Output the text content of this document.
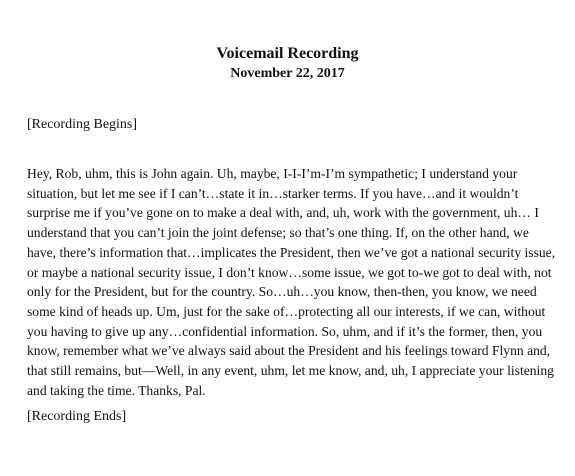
Voicemail Recording
November 22, 2017
[Recording Begins]
Hey, Rob, uhm, this is John again. Uh, maybe, I-I-I’m-I’m sympathetic; I understand your
situation, but let me see if I can’t…state it in…starker terms. If you have…and it wouldn’t
surprise me if you’ve gone on to make a deal with, and, uh, work with the government, uh… I
understand that you can’t join the joint defense; so that’s one thing. If, on the other hand, we
have, there’s information that…implicates the President, then we’ve got a national security issue,
or maybe a national security issue, I don’t know…some issue, we got to-we got to deal with, not
only for the President, but for the country. So…uh…you know, then-then, you know, we need
some kind of heads up. Um, just for the sake of…protecting all our interests, if we can, without
you having to give up any…confidential information. So, uhm, and if it’s the former, then, you
know, remember what we’ve always said about the President and his feelings toward Flynn and,
that still remains, but—Well, in any event, uhm, let me know, and, uh, I appreciate your listening
and taking the time. Thanks, Pal.
[Recording Ends]
